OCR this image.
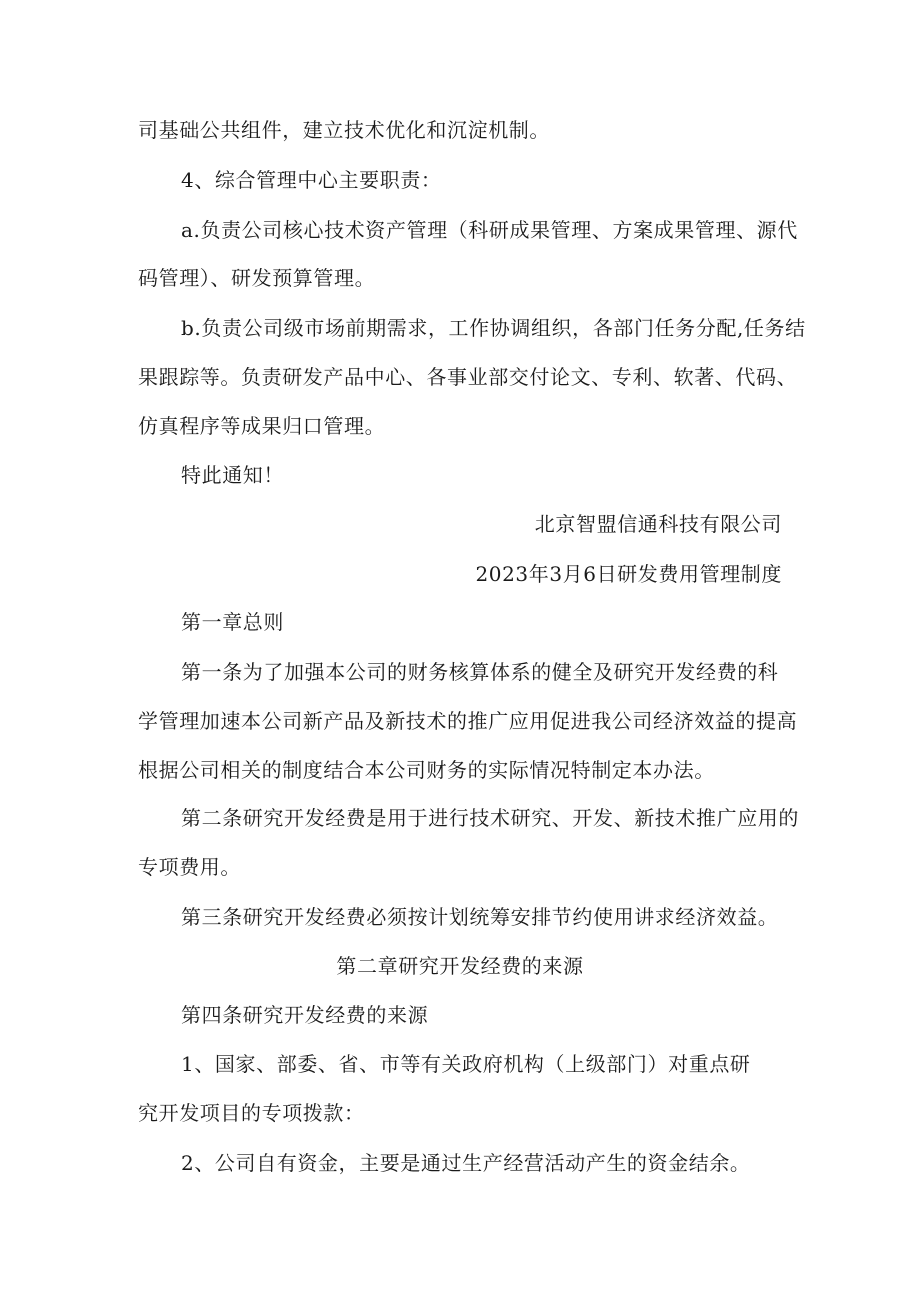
司基础公共组件，建立技术优化和沉淀机制。
4、综合管理中心主要职责：
a.负责公司核心技术资产管理（科研成果管理、方案成果管理、源代
码管理）、研发预算管理。
b.负责公司级市场前期需求，工作协调组织，各部门任务分配,任务结
果跟踪等。负责研发产品中心、各事业部交付论文、专利、软著、代码、
仿真程序等成果归口管理。
特此通知！
北京智盟信通科技有限公司
2023年3月6日研发费用管理制度
第一章总则
第一条为了加强本公司的财务核算体系的健全及研究开发经费的科
学管理加速本公司新产品及新技术的推广应用促进我公司经济效益的提高
根据公司相关的制度结合本公司财务的实际情况特制定本办法。
第二条研究开发经费是用于进行技术研究、开发、新技术推广应用的
专项费用。
第三条研究开发经费必须按计划统筹安排节约使用讲求经济效益。
第二章研究开发经费的来源
第四条研究开发经费的来源
1、国家、部委、省、市等有关政府机构（上级部门）对重点研
究开发项目的专项拨款：
2、公司自有资金，主要是通过生产经营活动产生的资金结余。
